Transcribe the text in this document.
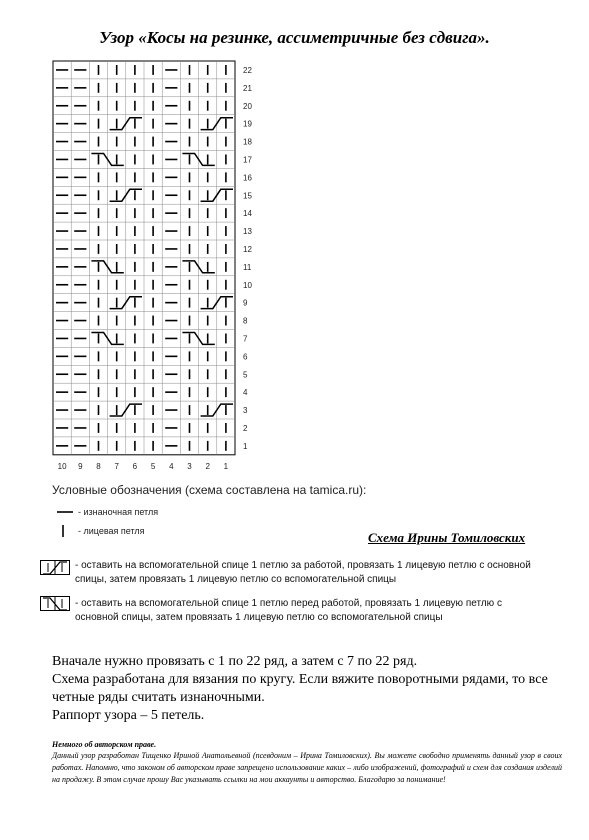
Узор «Косы на резинке, ассиметричные без сдвига».
22
21
20
19
18
17
16
15
14
13
12
11
10
9
8
7
6
5
4
3
2
1
10 9 8 7 6 5 4 3 2 1
Условные обозначения (схема составлена на tamica.ru):
- изнаночная петля
- лицевая петля	Схема Ирины Томиловских
- оставить на вспомогательной спице 1 петлю за работой, провязать 1 лицевую петлю с основной спицы, затем провязать 1 лицевую петлю со вспомогательной спицы
- оставить на вспомогательной спице 1 петлю перед работой, провязать 1 лицевую петлю с основной спицы, затем провязать 1 лицевую петлю со вспомогательной спицы
Вначале нужно провязать с 1 по 22 ряд, а затем с 7 по 22 ряд.
Схема разработана для вязания по кругу. Если вяжите поворотными рядами, то все
четные ряды считать изнаночными.
Раппорт узора – 5 петель.
Немного об авторском праве.
Данный узор разработан Тищенко Ириной Анатольевной (псевдоним – Ирина Томиловских). Вы можете свободно применять данный узор в своих работах. Напомню, что законом об авторском праве запрещено использование каких – либо изображений, фотографий и схем для создания изделий на продажу. В этом случае прошу Вас указывать ссылки на мои аккаунты и авторство. Благодарю за понимание!
